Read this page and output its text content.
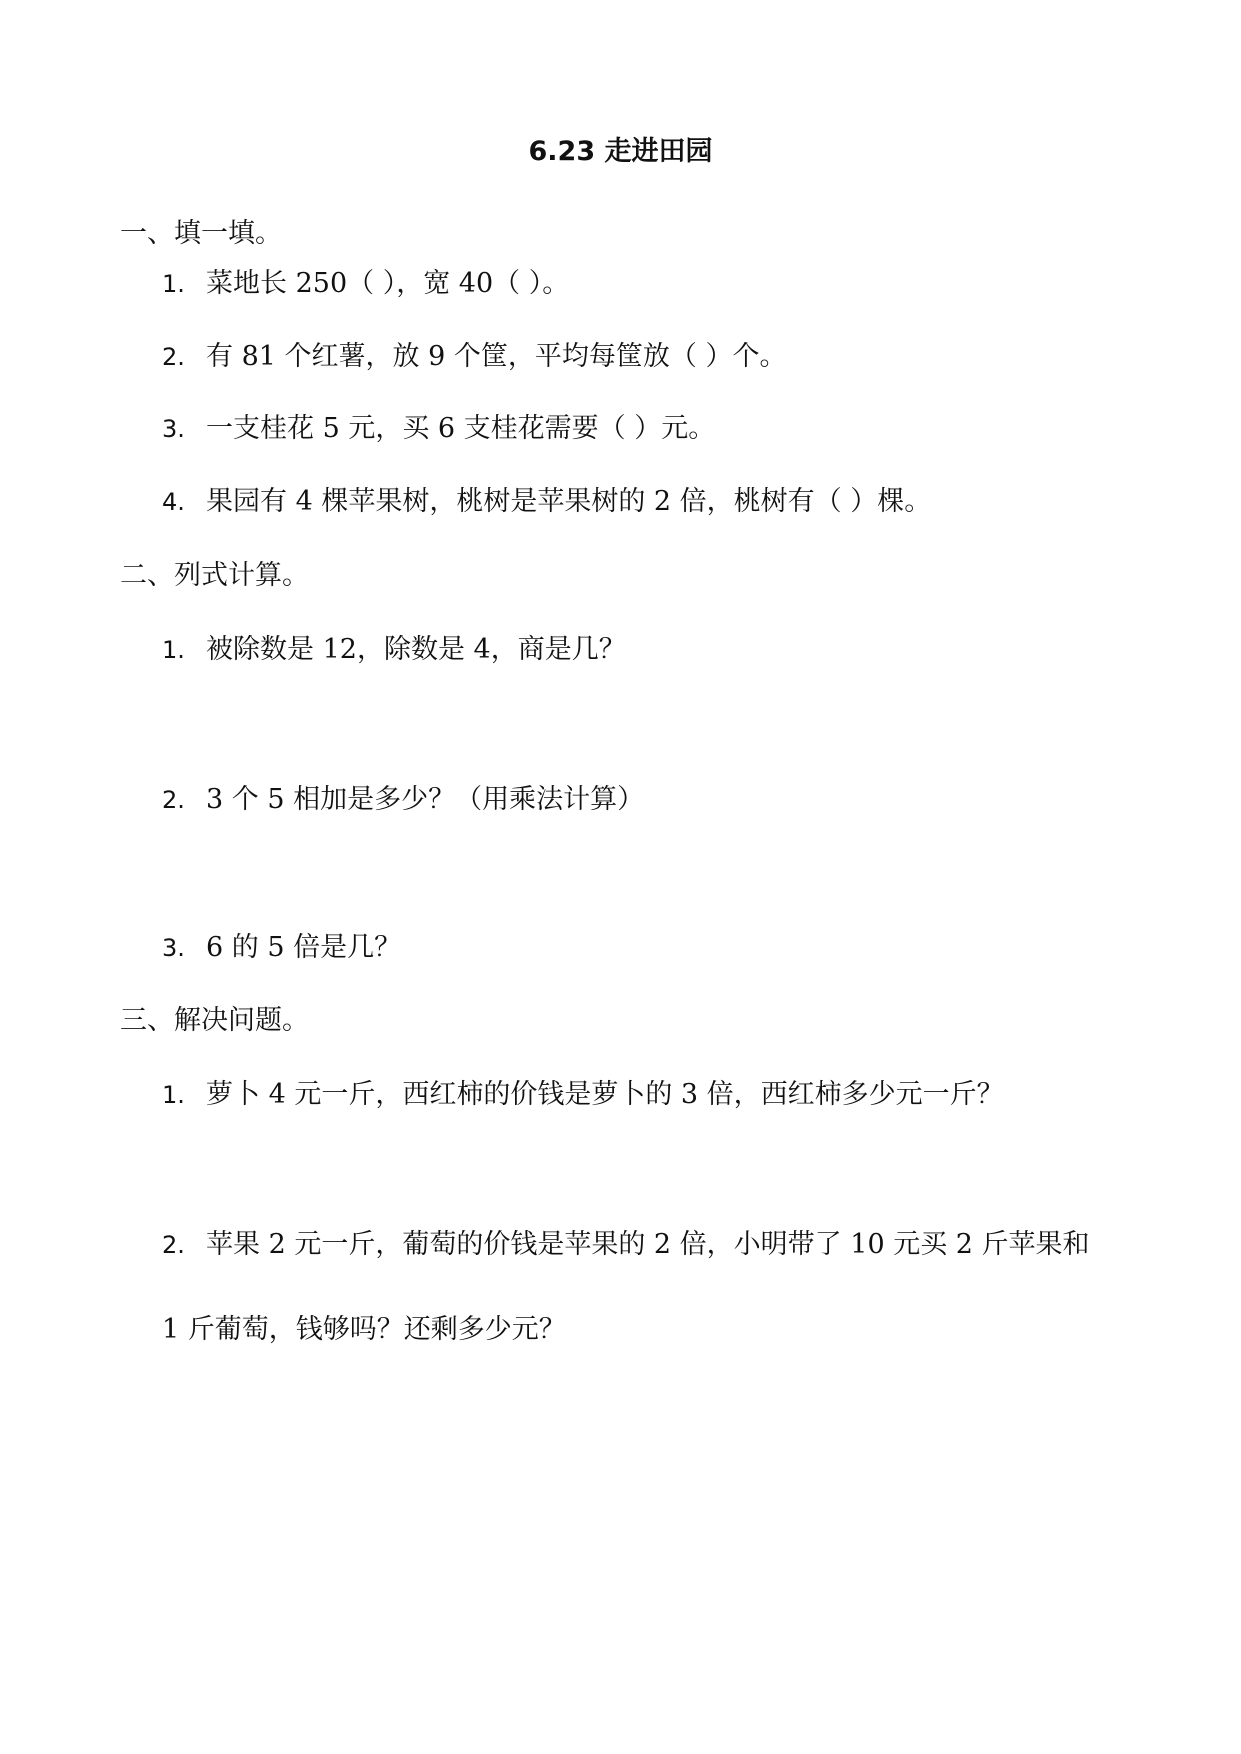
6.23 走进田园
一、填一填。
1. 菜地长 250（ ），宽 40（ ）。
2. 有 81 个红薯，放 9 个筐，平均每筐放（ ）个。
3. 一支桂花 5 元，买 6 支桂花需要（ ）元。
4. 果园有 4 棵苹果树，桃树是苹果树的 2 倍，桃树有（ ）棵。
二、列式计算。
1. 被除数是 12，除数是 4，商是几？
2. 3 个 5 相加是多少？（用乘法计算）
3. 6 的 5 倍是几？
三、解决问题。
1. 萝卜 4 元一斤，西红柿的价钱是萝卜的 3 倍，西红柿多少元一斤？
2. 苹果 2 元一斤，葡萄的价钱是苹果的 2 倍，小明带了 10 元买 2 斤苹果和
1 斤葡萄，钱够吗？还剩多少元？
